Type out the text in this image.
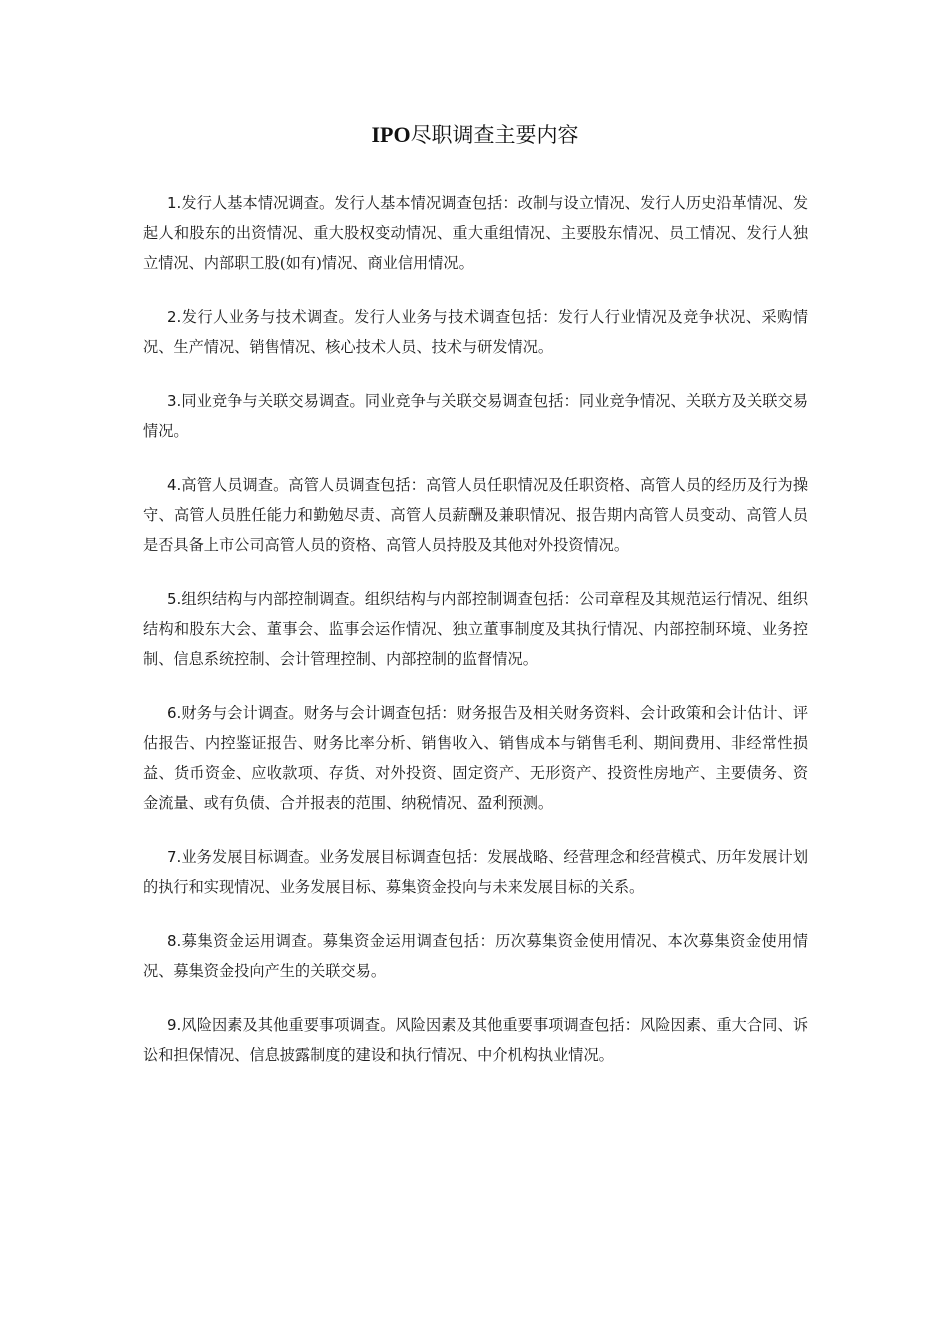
IPO尽职调查主要内容

1.发行人基本情况调查。发行人基本情况调查包括：改制与设立情况、发行人历史沿革情况、发起人和股东的出资情况、重大股权变动情况、重大重组情况、主要股东情况、员工情况、发行人独立情况、内部职工股(如有)情况、商业信用情况。

2.发行人业务与技术调查。发行人业务与技术调查包括：发行人行业情况及竞争状况、采购情况、生产情况、销售情况、核心技术人员、技术与研发情况。

3.同业竞争与关联交易调查。同业竞争与关联交易调查包括：同业竞争情况、关联方及关联交易情况。

4.高管人员调查。高管人员调查包括：高管人员任职情况及任职资格、高管人员的经历及行为操守、高管人员胜任能力和勤勉尽责、高管人员薪酬及兼职情况、报告期内高管人员变动、高管人员是否具备上市公司高管人员的资格、高管人员持股及其他对外投资情况。

5.组织结构与内部控制调查。组织结构与内部控制调查包括：公司章程及其规范运行情况、组织结构和股东大会、董事会、监事会运作情况、独立董事制度及其执行情况、内部控制环境、业务控制、信息系统控制、会计管理控制、内部控制的监督情况。

6.财务与会计调查。财务与会计调查包括：财务报告及相关财务资料、会计政策和会计估计、评估报告、内控鉴证报告、财务比率分析、销售收入、销售成本与销售毛利、期间费用、非经常性损益、货币资金、应收款项、存货、对外投资、固定资产、无形资产、投资性房地产、主要债务、资金流量、或有负债、合并报表的范围、纳税情况、盈利预测。

7.业务发展目标调查。业务发展目标调查包括：发展战略、经营理念和经营模式、历年发展计划的执行和实现情况、业务发展目标、募集资金投向与未来发展目标的关系。

8.募集资金运用调查。募集资金运用调查包括：历次募集资金使用情况、本次募集资金使用情况、募集资金投向产生的关联交易。

9.风险因素及其他重要事项调查。风险因素及其他重要事项调查包括：风险因素、重大合同、诉讼和担保情况、信息披露制度的建设和执行情况、中介机构执业情况。
